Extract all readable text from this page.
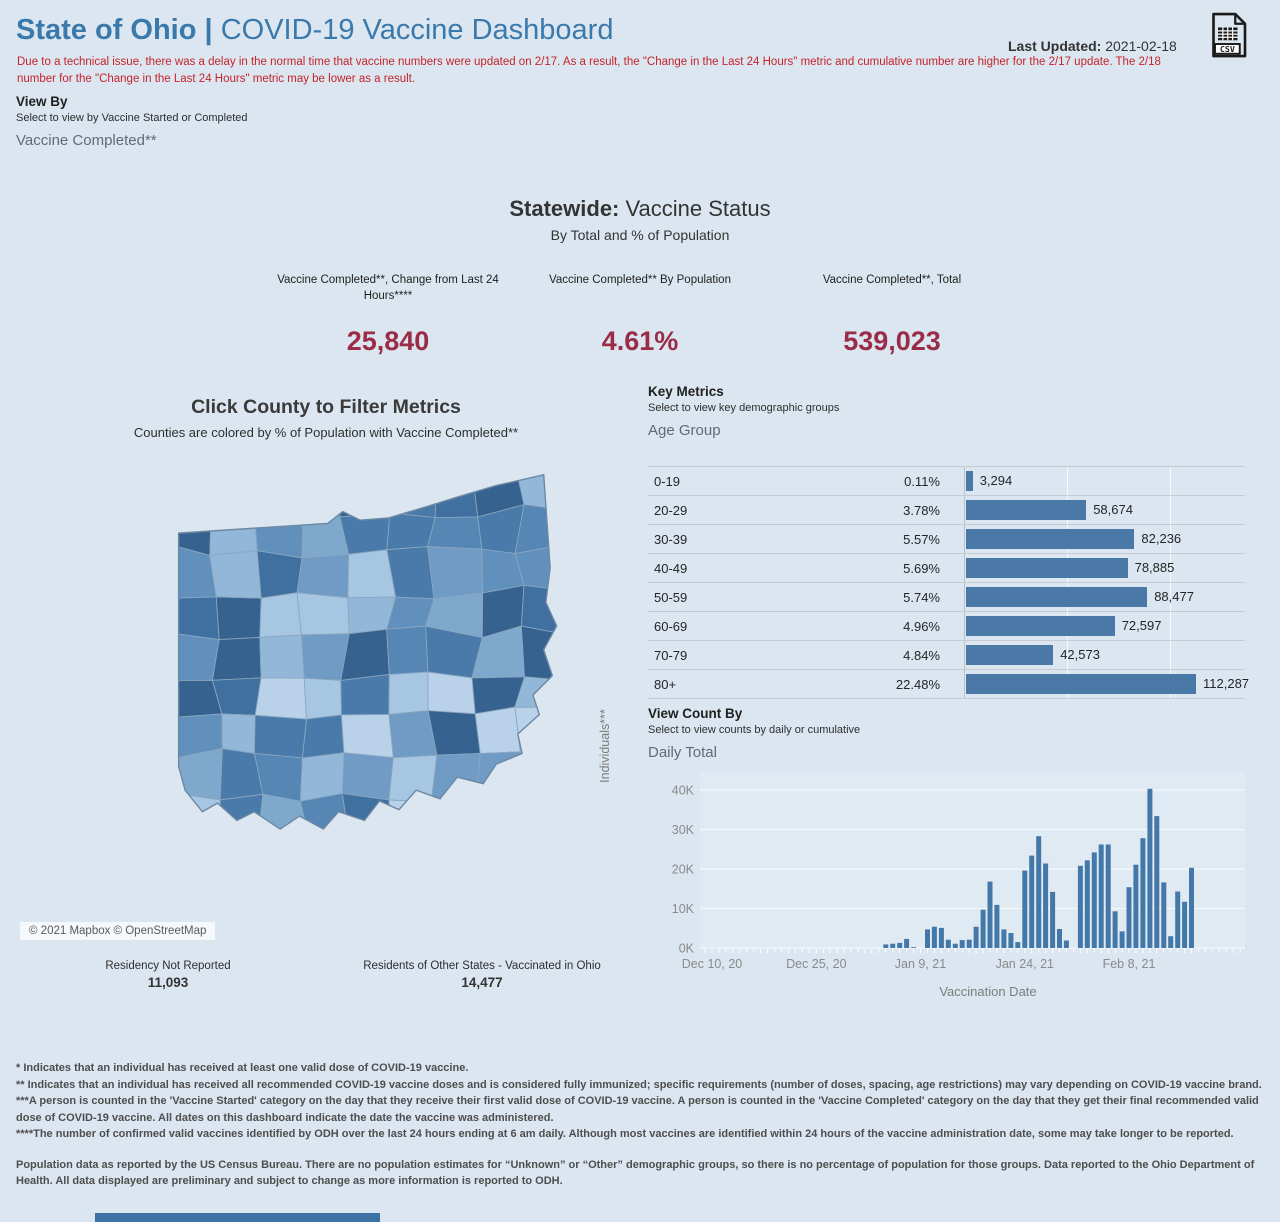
State of Ohio | COVID-19 Vaccine Dashboard
Due to a technical issue, there was a delay in the normal time that vaccine numbers were updated on 2/17. As a result, the "Change in the Last 24 Hours" metric and cumulative number are higher for the 2/17 update. The 2/18 number for the "Change in the Last 24 Hours" metric may be lower as a result.
Last Updated: 2021-02-18	CSV
View By
Select to view by Vaccine Started or Completed
Vaccine Completed**
Statewide: Vaccine Status
By Total and % of Population
Vaccine Completed**, Change from Last 24 Hours****
25,840
Vaccine Completed** By Population
4.61%
Vaccine Completed**, Total
539,023
Click County to Filter Metrics
Counties are colored by % of Population with Vaccine Completed**
© 2021 Mapbox © OpenStreetMap
Residency Not Reported
11,093
Residents of Other States - Vaccinated in Ohio
14,477
Key Metrics
Select to view key demographic groups
Age Group
0-19	0.11%	3,294
20-29	3.78%	58,674
30-39	5.57%	82,236
40-49	5.69%	78,885
50-59	5.74%	88,477
60-69	4.96%	72,597
70-79	4.84%	42,573
80+	22.48%	112,287
View Count By
Select to view counts by daily or cumulative
Daily Total
0K
10K
20K
30K
40K
Dec 10, 20	Dec 25, 20	Jan 9, 21	Jan 24, 21	Feb 8, 21
Individuals***
Vaccination Date

* Indicates that an individual has received at least one valid dose of COVID-19 vaccine.

** Indicates that an individual has received all recommended COVID-19 vaccine doses and is considered fully immunized; specific requirements (number of doses, spacing, age restrictions) may vary depending on COVID-19 vaccine brand.

***A person is counted in the 'Vaccine Started' category on the day that they receive their first valid dose of COVID-19 vaccine. A person is counted in the 'Vaccine Completed' category on the day that they get their final recommended valid dose of COVID-19 vaccine. All dates on this dashboard indicate the date the vaccine was administered.

****The number of confirmed valid vaccines identified by ODH over the last 24 hours ending at 6 am daily. Although most vaccines are identified within 24 hours of the vaccine administration date, some may take longer to be reported.

Population data as reported by the US Census Bureau. There are no population estimates for “Unknown” or “Other” demographic groups, so there is no percentage of population for those groups. Data reported to the Ohio Department of Health. All data displayed are preliminary and subject to change as more information is reported to ODH.
